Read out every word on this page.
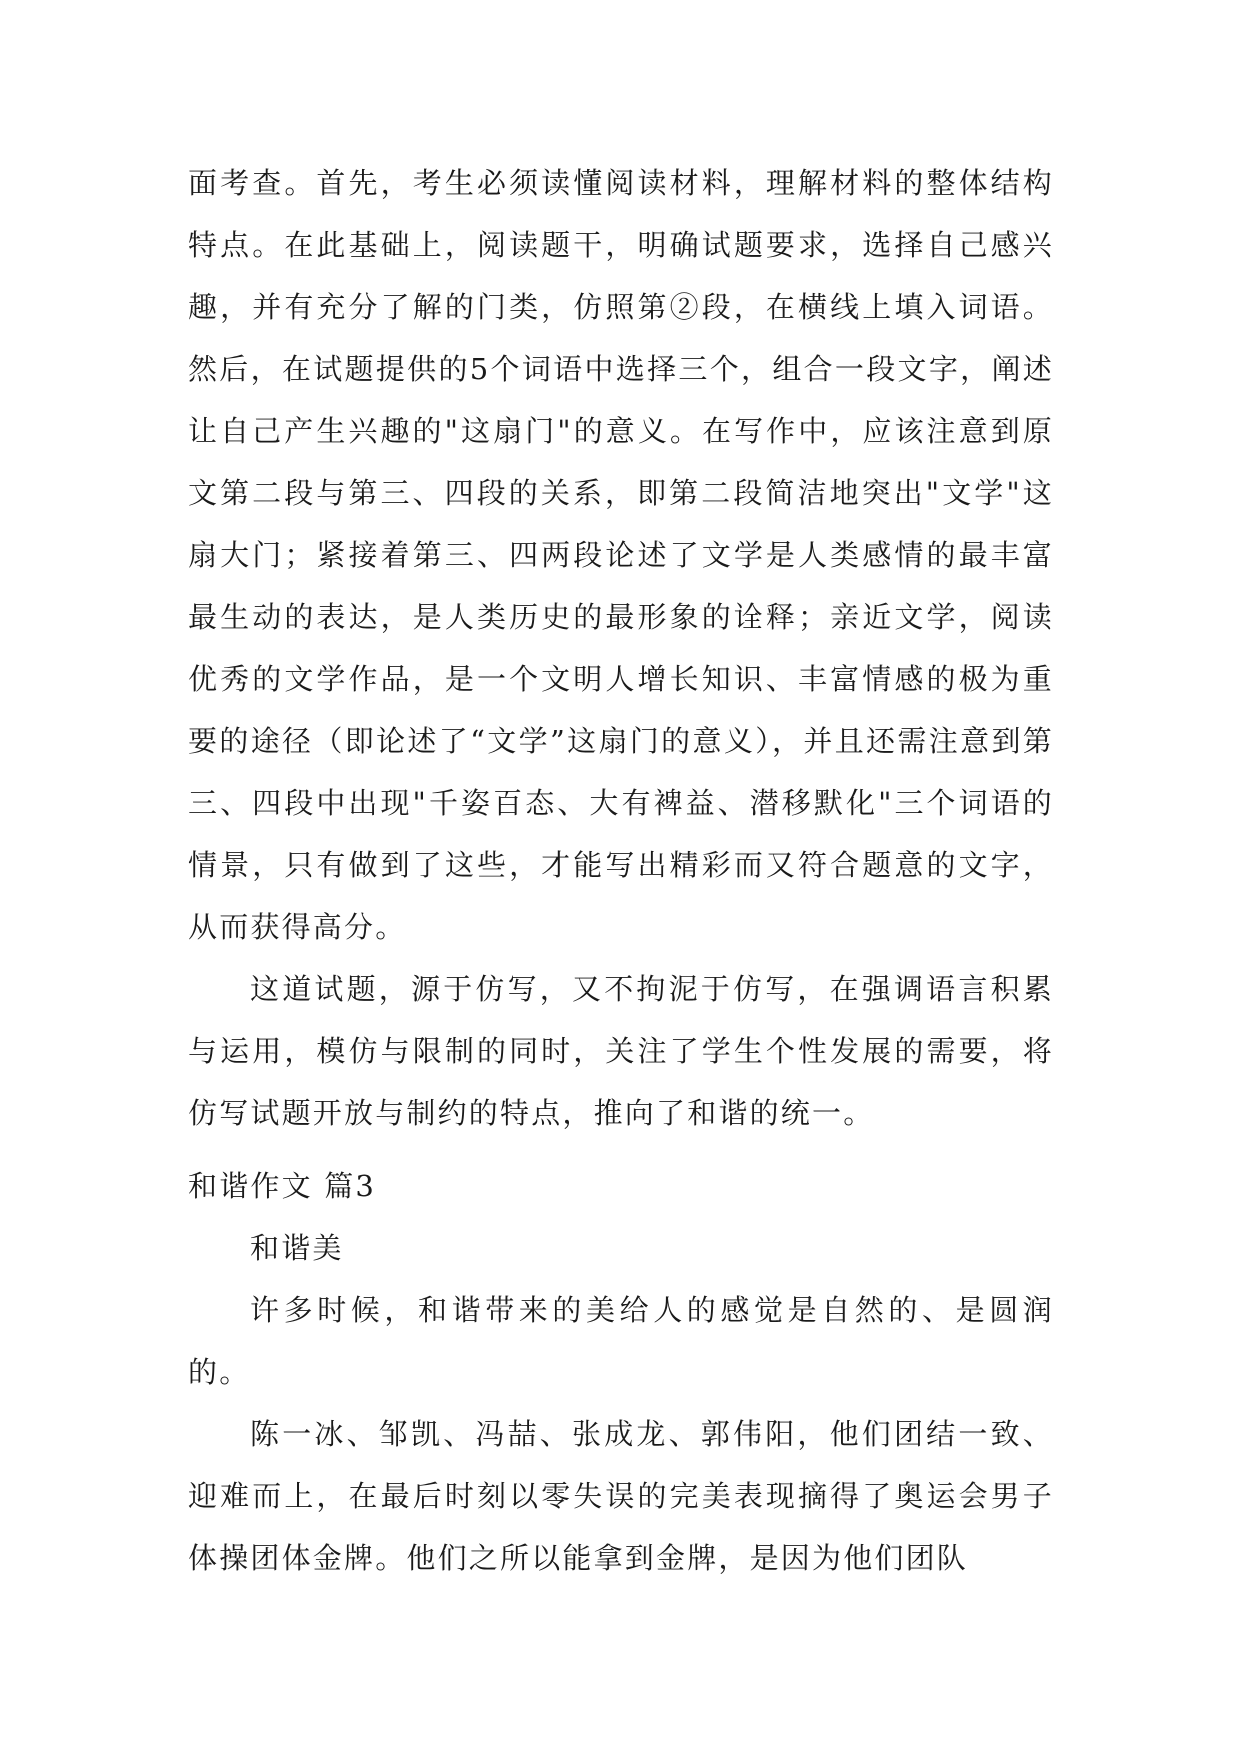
面考查。首先，考生必须读懂阅读材料，理解材料的整体结构特点。在此基础上，阅读题干，明确试题要求，选择自己感兴趣，并有充分了解的门类，仿照第②段，在横线上填入词语。然后，在试题提供的5个词语中选择三个，组合一段文字，阐述让自己产生兴趣的"这扇门"的意义。在写作中，应该注意到原文第二段与第三、四段的关系，即第二段简洁地突出"文学"这扇大门；紧接着第三、四两段论述了文学是人类感情的最丰富最生动的表达，是人类历史的最形象的诠释；亲近文学，阅读优秀的文学作品，是一个文明人增长知识、丰富情感的极为重要的途径（即论述了“文学”这扇门的意义），并且还需注意到第三、四段中出现"千姿百态、大有裨益、潜移默化"三个词语的情景，只有做到了这些，才能写出精彩而又符合题意的文字，从而获得高分。

这道试题，源于仿写，又不拘泥于仿写，在强调语言积累与运用，模仿与限制的同时，关注了学生个性发展的需要，将仿写试题开放与制约的特点，推向了和谐的统一。

和谐作文 篇3

和谐美

许多时候，和谐带来的美给人的感觉是自然的、是圆润的。

陈一冰、邹凯、冯喆、张成龙、郭伟阳，他们团结一致、迎难而上，在最后时刻以零失误的完美表现摘得了奥运会男子体操团体金牌。他们之所以能拿到金牌，是因为他们团队
